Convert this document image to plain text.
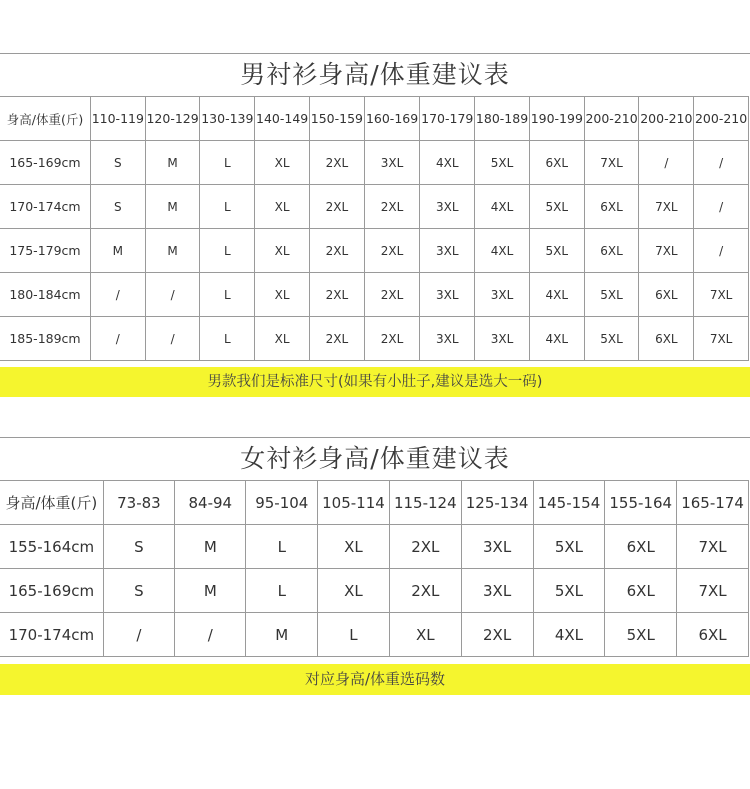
男衬衫身高/体重建议表
身高/体重(斤)	110-119	120-129	130-139	140-149	150-159	160-169	170-179	180-189	190-199	200-210	200-210	200-210
165-169cm	S	M	L	XL	2XL	3XL	4XL	5XL	6XL	7XL	/	/
170-174cm	S	M	L	XL	2XL	2XL	3XL	4XL	5XL	6XL	7XL	/
175-179cm	M	M	L	XL	2XL	2XL	3XL	4XL	5XL	6XL	7XL	/
180-184cm	/	/	L	XL	2XL	2XL	3XL	3XL	4XL	5XL	6XL	7XL
185-189cm	/	/	L	XL	2XL	2XL	3XL	3XL	4XL	5XL	6XL	7XL
男款我们是标准尺寸(如果有小肚子,建议是选大一码)
女衬衫身高/体重建议表
身高/体重(斤)	73-83	84-94	95-104	105-114	115-124	125-134	145-154	155-164	165-174
155-164cm	S	M	L	XL	2XL	3XL	5XL	6XL	7XL
165-169cm	S	M	L	XL	2XL	3XL	5XL	6XL	7XL
170-174cm	/	/	M	L	XL	2XL	4XL	5XL	6XL
对应身高/体重选码数
